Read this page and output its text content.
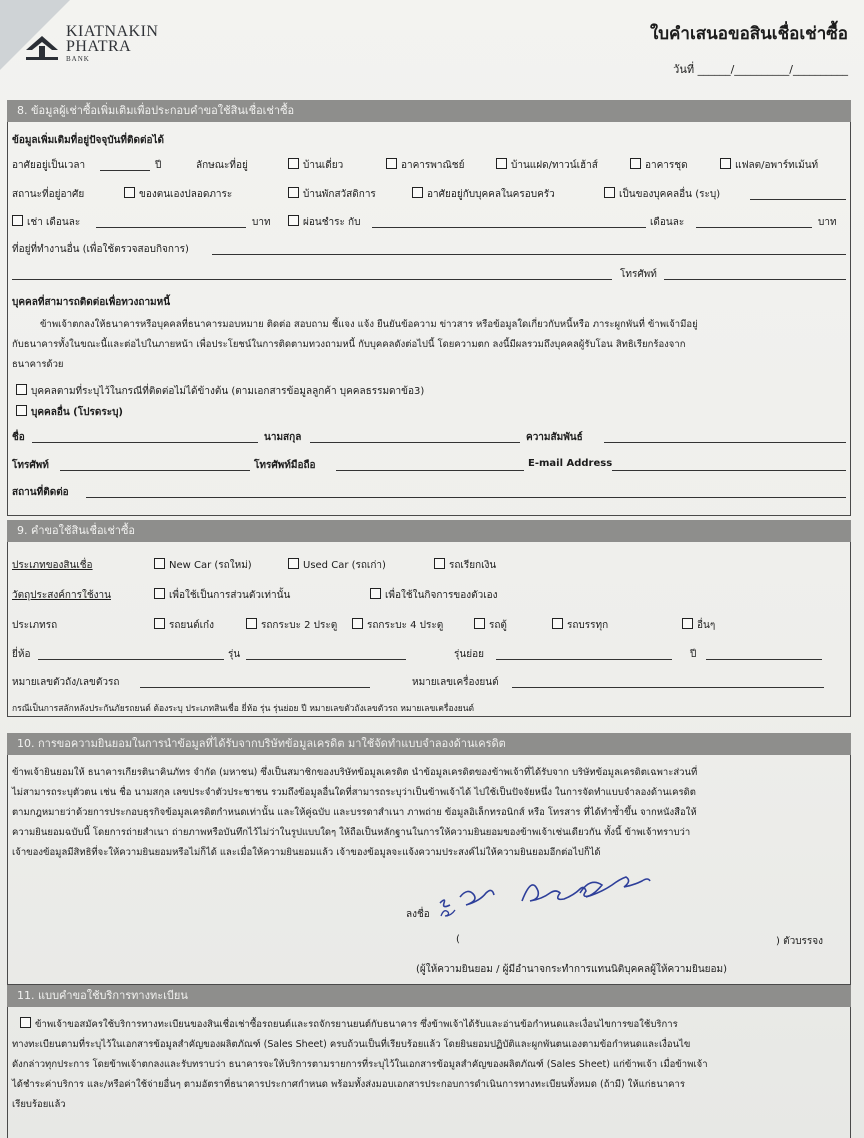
KIATNAKIN
PHATRA
BANK
ใบคำเสนอขอสินเชื่อเช่าซื้อ
วันที่ ______/__________/__________
8. ข้อมูลผู้เช่าซื้อเพิ่มเติมเพื่อประกอบคำขอใช้สินเชื่อเช่าซื้อ
ข้อมูลเพิ่มเติมที่อยู่ปัจจุบันที่ติดต่อได้
อาศัยอยู่เป็นเวลา	ปี	ลักษณะที่อยู่	บ้านเดี่ยว	อาคารพาณิชย์	บ้านแฝด/ทาวน์เฮ้าส์	อาคารชุด	แฟลต/อพาร์ทเม้นท์
สถานะที่อยู่อาศัย	ของตนเองปลอดภาระ	บ้านพักสวัสดิการ	อาศัยอยู่กับบุคคลในครอบครัว	เป็นของบุคคลอื่น (ระบุ)
เช่า เดือนละ	บาท	ผ่อนชำระ กับ	เดือนละ	บาท
ที่อยู่ที่ทำงานอื่น (เพื่อใช้ตรวจสอบกิจการ)
โทรศัพท์
บุคคลที่สามารถติดต่อเพื่อทวงถามหนี้
ข้าพเจ้าตกลงให้ธนาคารหรือบุคคลที่ธนาคารมอบหมาย ติดต่อ สอบถาม ชี้แจง แจ้ง ยืนยันข้อความ ข่าวสาร หรือข้อมูลใดเกี่ยวกับหนี้หรือ ภาระผูกพันที่ ข้าพเจ้ามีอยู่
กับธนาคารทั้งในขณะนี้และต่อไปในภายหน้า เพื่อประโยชน์ในการติดตามทวงถามหนี้ กับบุคคลดังต่อไปนี้ โดยความตก ลงนี้มีผลรวมถึงบุคคลผู้รับโอน สิทธิเรียกร้องจาก
ธนาคารด้วย
บุคคลตามที่ระบุไว้ในกรณีที่ติดต่อไม่ได้ข้างต้น (ตามเอกสารข้อมูลลูกค้า บุคคลธรรมดาข้อ3)
บุคคลอื่น (โปรดระบุ)
ชื่อ	นามสกุล	ความสัมพันธ์
โทรศัพท์	โทรศัพท์มือถือ	E-mail Address
สถานที่ติดต่อ
9. คำขอใช้สินเชื่อเช่าซื้อ
ประเภทของสินเชื่อ	New Car (รถใหม่)	Used Car (รถเก่า)	รถเรียกเงิน
วัตถุประสงค์การใช้งาน	เพื่อใช้เป็นการส่วนตัวเท่านั้น	เพื่อใช้ในกิจการของตัวเอง
ประเภทรถ	รถยนต์เก๋ง	รถกระบะ 2 ประตู	รถกระบะ 4 ประตู	รถตู้	รถบรรทุก	อื่นๆ
ยี่ห้อ	รุ่น	รุ่นย่อย	ปี
หมายเลขตัวถัง/เลขตัวรถ	หมายเลขเครื่องยนต์
กรณีเป็นการสลักหลังประกันภัยรถยนต์ ต้องระบุ ประเภทสินเชื่อ ยี่ห้อ รุ่น รุ่นย่อย ปี หมายเลขตัวถังเลขตัวรถ หมายเลขเครื่องยนต์
10. การขอความยินยอมในการนำข้อมูลที่ได้รับจากบริษัทข้อมูลเครดิต มาใช้จัดทำแบบจำลองด้านเครดิต
ข้าพเจ้ายินยอมให้ ธนาคารเกียรตินาคินภัทร จำกัด (มหาชน) ซึ่งเป็นสมาชิกของบริษัทข้อมูลเครดิต นำข้อมูลเครดิตของข้าพเจ้าที่ได้รับจาก บริษัทข้อมูลเครดิตเฉพาะส่วนที่
ไม่สามารถระบุตัวตน เช่น ชื่อ นามสกุล เลขประจำตัวประชาชน รวมถึงข้อมูลอื่นใดที่สามารถระบุว่าเป็นข้าพเจ้าได้ ไปใช้เป็นปัจจัยหนึ่ง ในการจัดทำแบบจำลองด้านเครดิต
ตามกฎหมายว่าด้วยการประกอบธุรกิจข้อมูลเครดิตกำหนดเท่านั้น และให้คู่ฉบับ และบรรดาสำเนา ภาพถ่าย ข้อมูลอิเล็กทรอนิกส์ หรือ โทรสาร ที่ได้ทำซ้ำขึ้น จากหนังสือให้
ความยินยอมฉบับนี้ โดยการถ่ายสำเนา ถ่ายภาพหรือบันทึกไว้ไม่ว่าในรูปแบบใดๆ ให้ถือเป็นหลักฐานในการให้ความยินยอมของข้าพเจ้าเช่นเดียวกัน ทั้งนี้ ข้าพเจ้าทราบว่า
เจ้าของข้อมูลมีสิทธิที่จะให้ความยินยอมหรือไม่ก็ได้ และเมื่อให้ความยินยอมแล้ว เจ้าของข้อมูลจะแจ้งความประสงค์ไม่ให้ความยินยอมอีกต่อไปก็ได้
ลงชื่อ
(	) ตัวบรรจง
(ผู้ให้ความยินยอม / ผู้มีอำนาจกระทำการแทนนิติบุคคลผู้ให้ความยินยอม)
11. แบบคำขอใช้บริการทางทะเบียน
ข้าพเจ้าขอสมัครใช้บริการทางทะเบียนของสินเชื่อเช่าซื้อรถยนต์และรถจักรยานยนต์กับธนาคาร ซึ่งข้าพเจ้าได้รับและอ่านข้อกำหนดและเงื่อนไขการขอใช้บริการ
ทางทะเบียนตามที่ระบุไว้ในเอกสารข้อมูลสำคัญของผลิตภัณฑ์ (Sales Sheet) ครบถ้วนเป็นที่เรียบร้อยแล้ว โดยยินยอมปฏิบัติและผูกพันตนเองตามข้อกำหนดและเงื่อนไข
ดังกล่าวทุกประการ โดยข้าพเจ้าตกลงและรับทราบว่า ธนาคารจะให้บริการตามรายการที่ระบุไว้ในเอกสารข้อมูลสำคัญของผลิตภัณฑ์ (Sales Sheet) แก่ข้าพเจ้า เมื่อข้าพเจ้า
ได้ชำระค่าบริการ และ/หรือค่าใช้จ่ายอื่นๆ ตามอัตราที่ธนาคารประกาศกำหนด พร้อมทั้งส่งมอบเอกสารประกอบการดำเนินการทางทะเบียนทั้งหมด (ถ้ามี) ให้แก่ธนาคาร
เรียบร้อยแล้ว
